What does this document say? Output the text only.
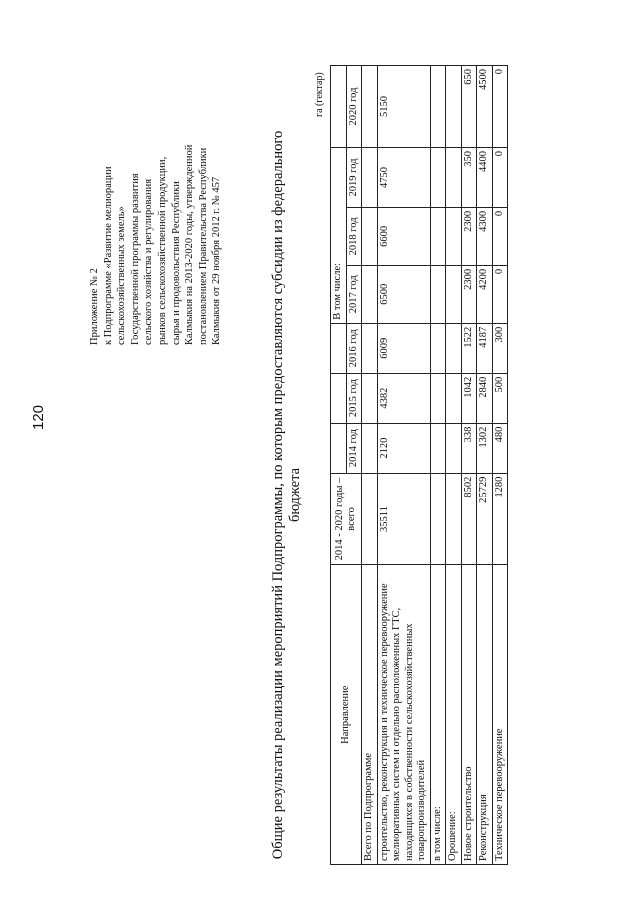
120
Приложение № 2 к Подпрограмме «Развитие мелиорации сельскохозяйственных земель» Государственной программы развития сельского хозяйства и регулирования рынков сельскохозяйственной продукции, сырья и продовольствия Республики Калмыкия на 2013-2020 годы, утвержденной постановлением Правительства Республики Калмыкия от 29 ноября 2012 г. № 457	Общие результаты реализации мероприятий Подпрограммы, по которым предоставляются субсидии из федерального бюджета
га (гектар)
Направление	2014 - 2020 годы – всего				В том числе:			
		2014 год	2015 год	2016 год	2017 год	2018 год	2019 год	2020 год
Всего по Подпрограмме								
строительство, реконструкция и техническое перевооружение мелиоративных систем и отдельно расположенных ГТС, находящихся в собственности сельскохозяйственных товаропроизводителей	35511	2120	4382	6009	6500	6600	4750	5150
в том числе:								
Орошение:								
Новое строительство	8502	338	1042	1522	2300	2300	350	650
Реконструкция	25729	1302	2840	4187	4200	4300	4400	4500
Техническое перевооружение	1280	480	500	300	0	0	0	0
